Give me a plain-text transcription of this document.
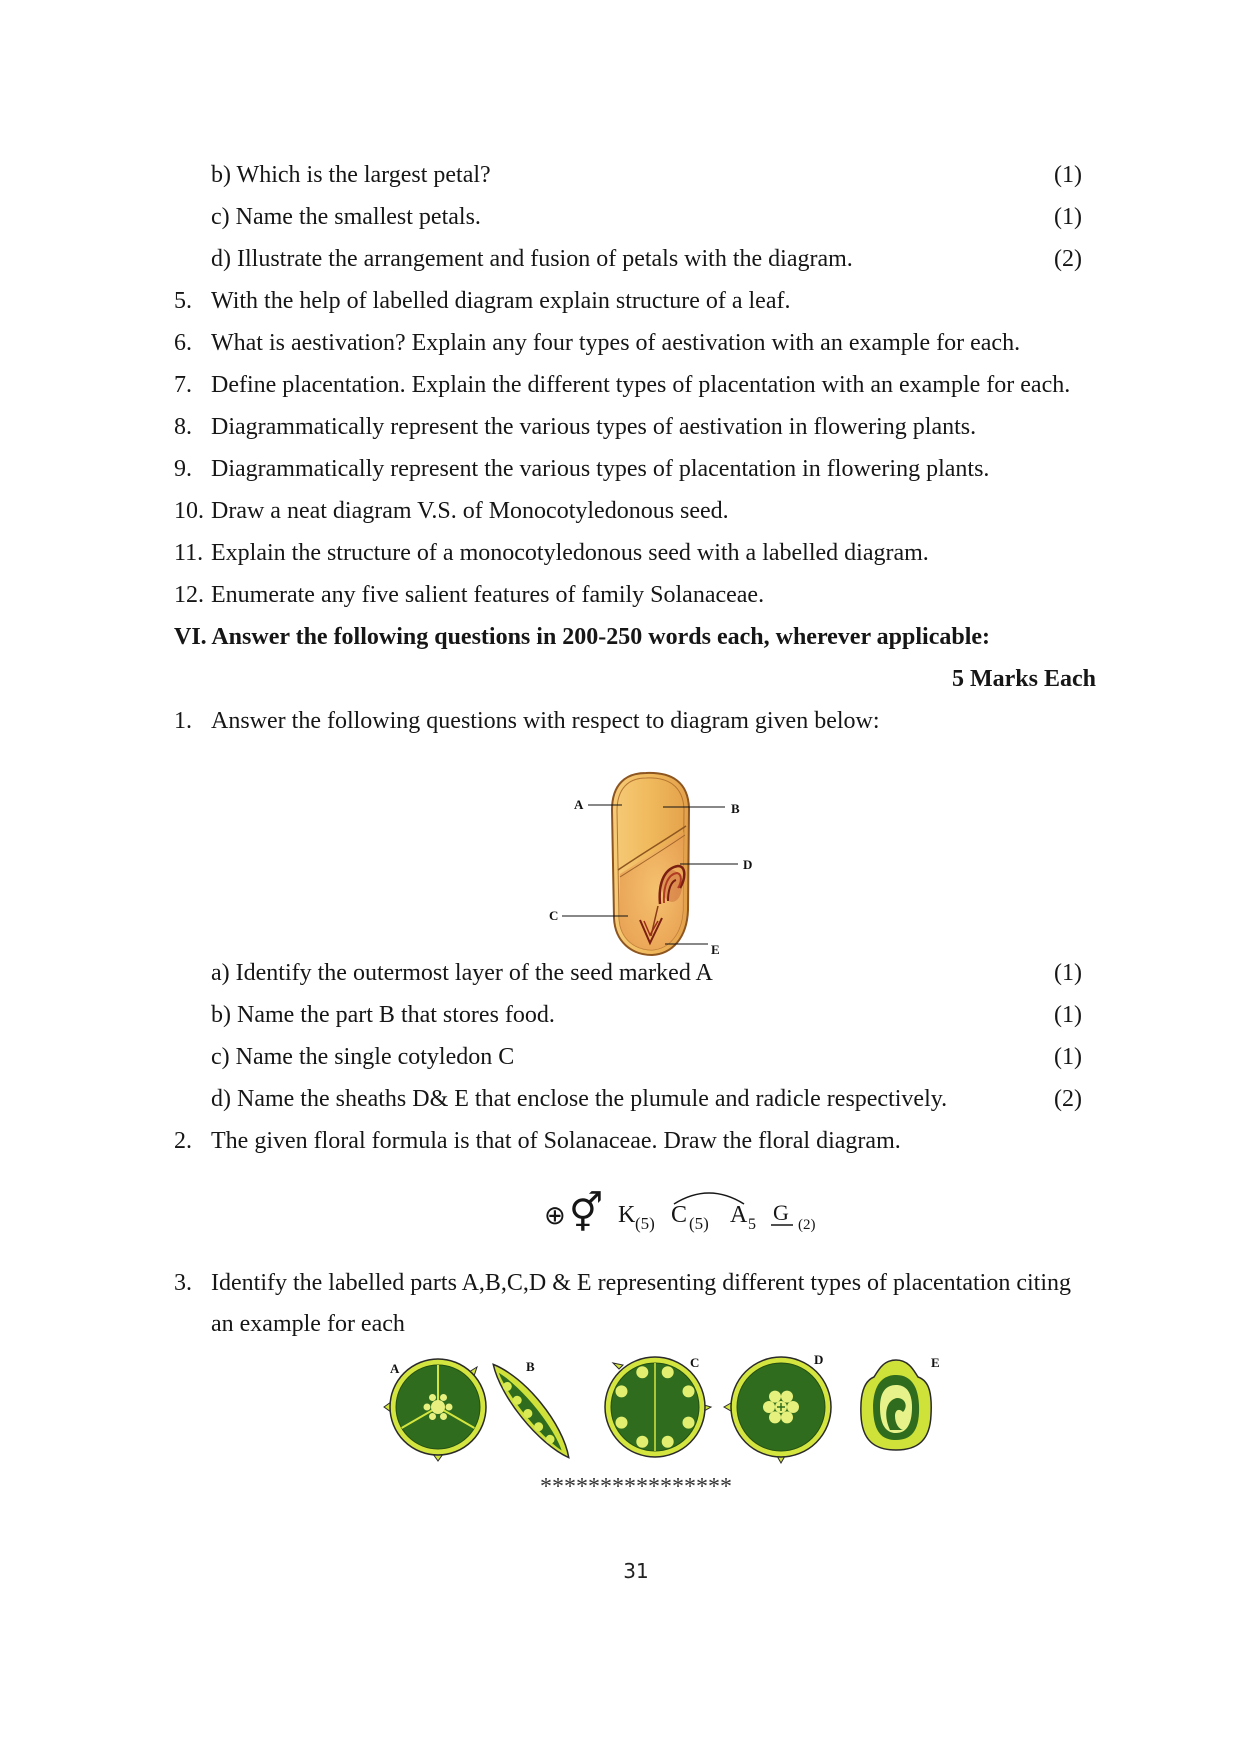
b) Which is the largest petal?	(1)
c) Name the smallest petals.	(1)
d) Illustrate the arrangement and fusion of petals with the diagram.	(2)
5. With the help of labelled diagram explain structure of a leaf.
6. What is aestivation? Explain any four types of aestivation with an example for each.
7. Define placentation. Explain the different types of placentation with an example for each.
8. Diagrammatically represent the various types of aestivation in flowering plants.
9. Diagrammatically represent the various types of placentation in flowering plants.
10. Draw a neat diagram V.S. of Monocotyledonous seed.
11. Explain the structure of a monocotyledonous seed with a labelled diagram.
12. Enumerate any five salient features of family Solanaceae.
VI. Answer the following questions in 200-250 words each, wherever applicable:
5 Marks Each
1. Answer the following questions with respect to diagram given below:
A	B
D
C
E
a) Identify the outermost layer of the seed marked A	(1)
b) Name the part B that stores food.	(1)
c) Name the single cotyledon C	(1)
d) Name the sheaths D& E that enclose the plumule and radicle respectively.	(2)
2. The given floral formula is that of Solanaceae. Draw the floral diagram.
⊕ ⚥ K (5) C (5) A 5 G (2)
3. Identify the labelled parts A,B,C,D & E representing different types of placentation citing
an example for each
A	B	C	D	E
****************
31
